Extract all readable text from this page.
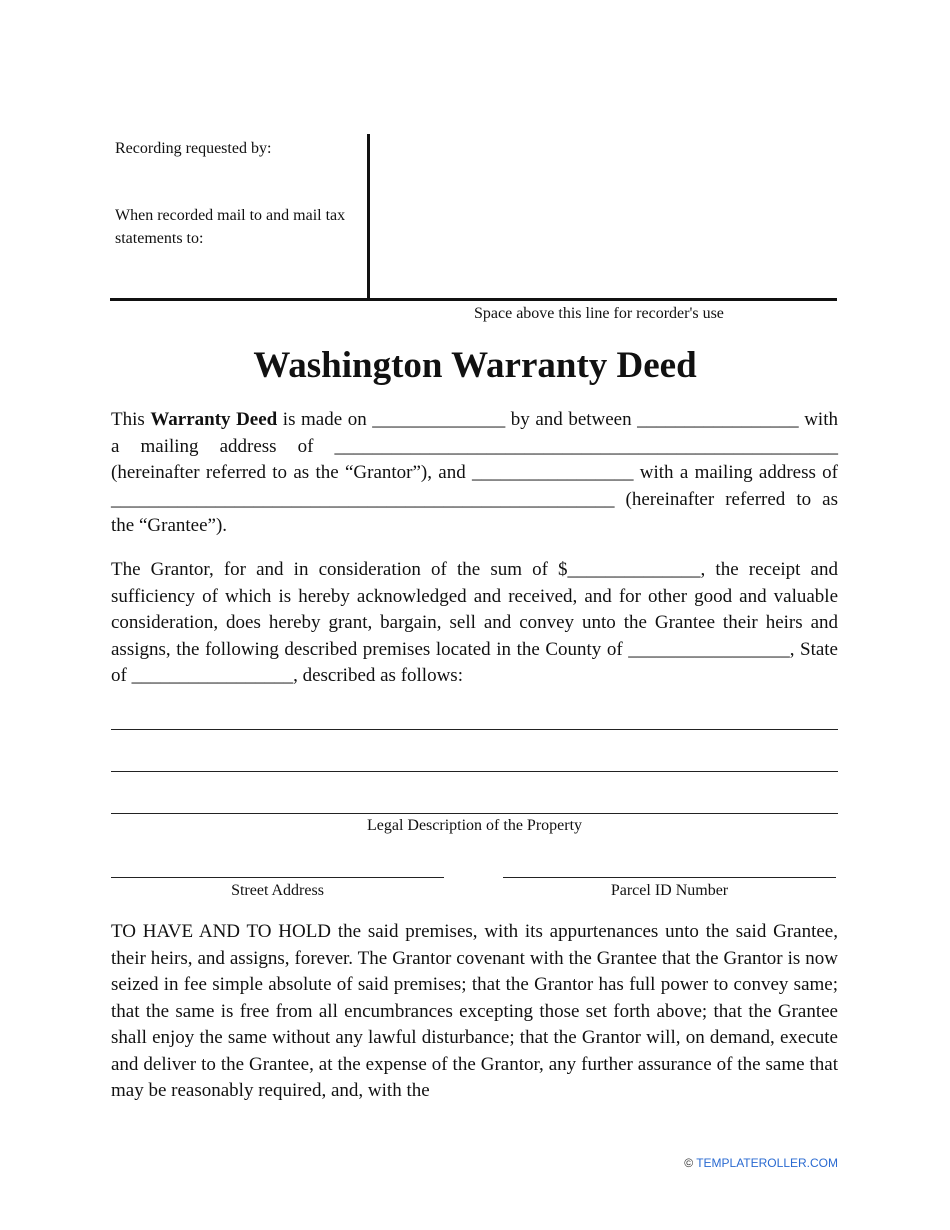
Recording requested by:
When recorded mail to and mail tax statements to:
Space above this line for recorder's use
Washington Warranty Deed

This Warranty Deed is made on ______________ by and between _________________ with a mailing address of _____________________________________________________ (hereinafter referred to as the “Grantor”), and _________________ with a mailing address of _____________________________________________________ (hereinafter referred to as the “Grantee”).

The Grantor, for and in consideration of the sum of $______________, the receipt and sufficiency of which is hereby acknowledged and received, and for other good and valuable consideration, does hereby grant, bargain, sell and convey unto the Grantee their heirs and assigns, the following described premises located in the County of _________________, State of _________________, described as follows:

Legal Description of the Property
Street Address	Parcel ID Number

TO HAVE AND TO HOLD the said premises, with its appurtenances unto the said Grantee, their heirs, and assigns, forever. The Grantor covenant with the Grantee that the Grantor is now seized in fee simple absolute of said premises; that the Grantor has full power to convey same; that the same is free from all encumbrances excepting those set forth above; that the Grantee shall enjoy the same without any lawful disturbance; that the Grantor will, on demand, execute and deliver to the Grantee, at the expense of the Grantor, any further assurance of the same that may be reasonably required, and, with the

© TEMPLATEROLLER.COM
